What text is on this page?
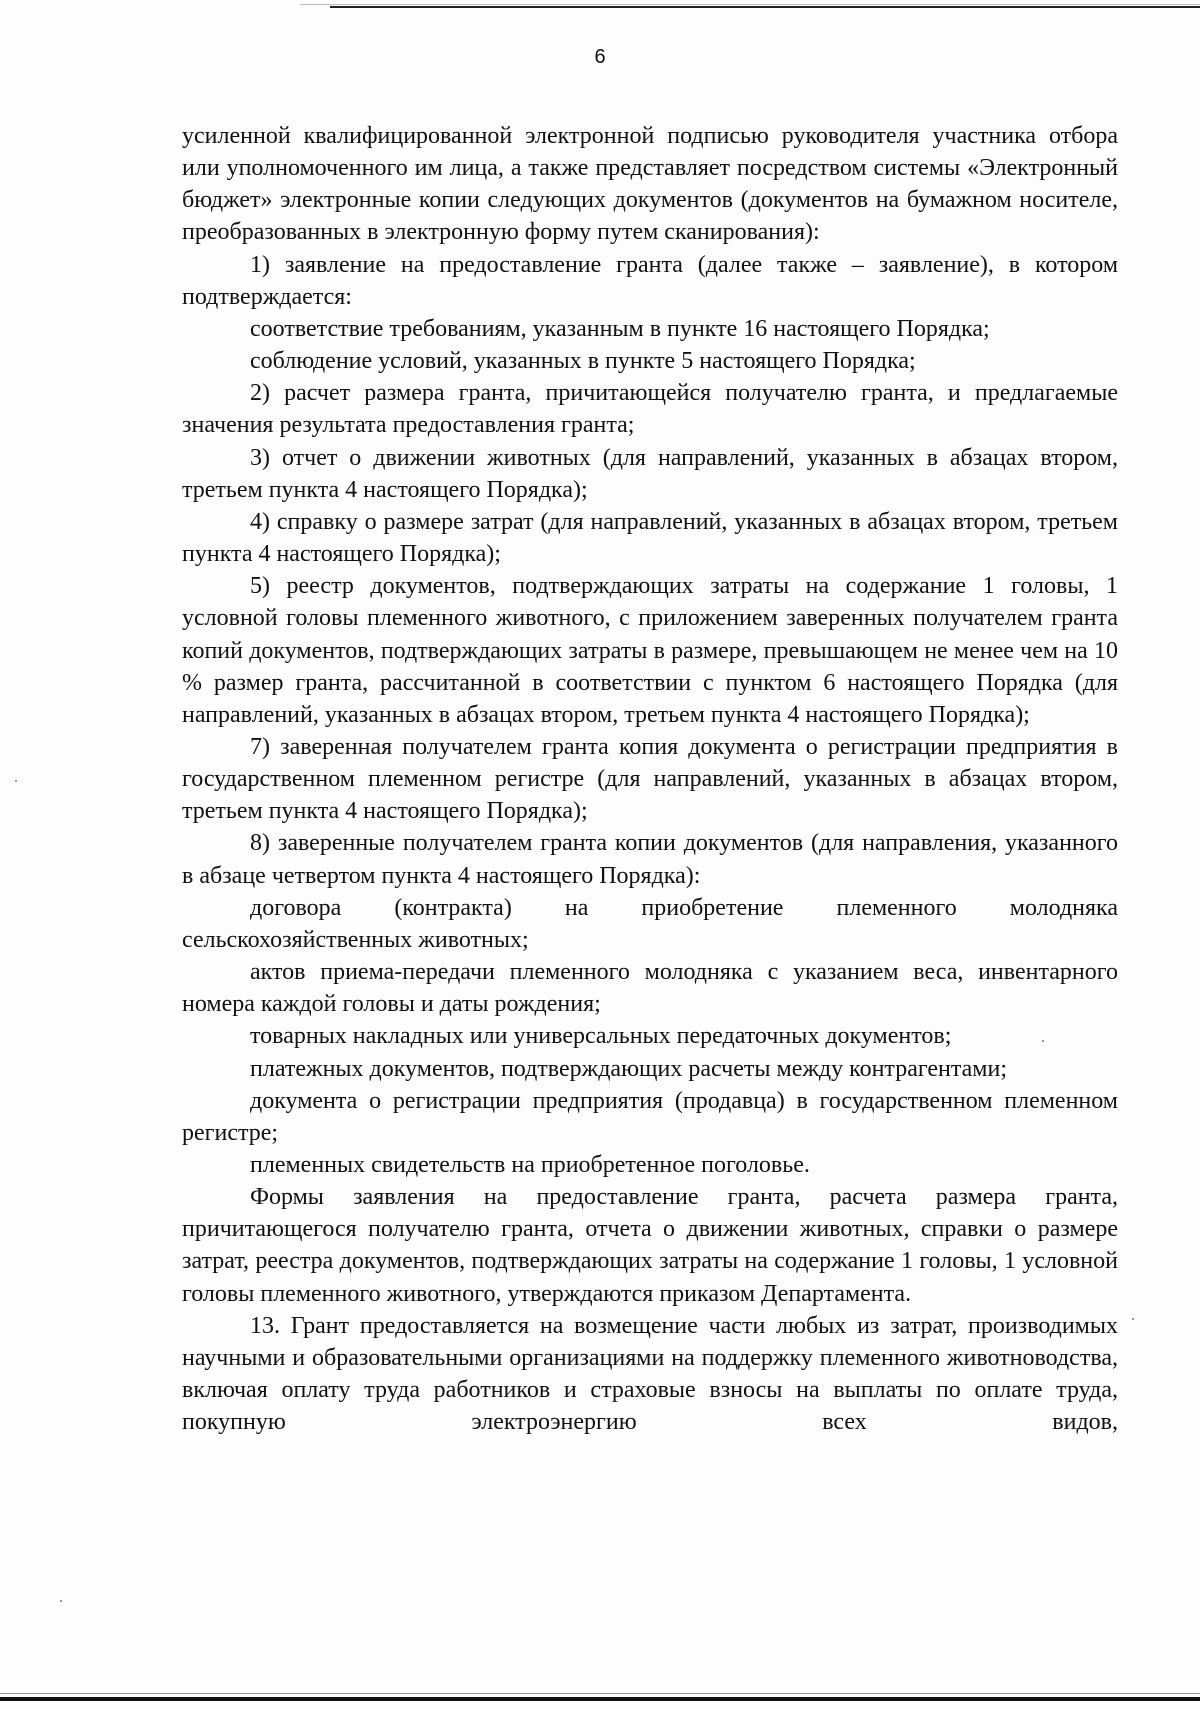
6

усиленной квалифицированной электронной подписью руководителя участника отбора или уполномоченного им лица, а также представляет посредством системы «Электронный бюджет» электронные копии следующих документов (документов на бумажном носителе, преобразованных в электронную форму путем сканирования):

1) заявление на предоставление гранта (далее также – заявление), в котором подтверждается:

соответствие требованиям, указанным в пункте 16 настоящего Порядка;

соблюдение условий, указанных в пункте 5 настоящего Порядка;

2) расчет размера гранта, причитающейся получателю гранта, и предлагаемые значения результата предоставления гранта;

3) отчет о движении животных (для направлений, указанных в абзацах втором, третьем пункта 4 настоящего Порядка);

4) справку о размере затрат (для направлений, указанных в абзацах втором, третьем пункта 4 настоящего Порядка);

5) реестр документов, подтверждающих затраты на содержание 1 головы, 1 условной головы племенного животного, с приложением заверенных получателем гранта копий документов, подтверждающих затраты в размере, превышающем не менее чем на 10 % размер гранта, рассчитанной в соответствии с пунктом 6 настоящего Порядка (для направлений, указанных в абзацах втором, третьем пункта 4 настоящего Порядка);

7) заверенная получателем гранта копия документа о регистрации предприятия в государственном племенном регистре (для направлений, указанных в абзацах втором, третьем пункта 4 настоящего Порядка);

8) заверенные получателем гранта копии документов (для направления, указанного в абзаце четвертом пункта 4 настоящего Порядка):

договора (контракта) на приобретение племенного молодняка сельскохозяйственных животных;

актов приема-передачи племенного молодняка с указанием веса, инвентарного номера каждой головы и даты рождения;

товарных накладных или универсальных передаточных документов;

платежных документов, подтверждающих расчеты между контрагентами;

документа о регистрации предприятия (продавца) в государственном племенном регистре;

племенных свидетельств на приобретенное поголовье.

Формы заявления на предоставление гранта, расчета размера гранта, причитающегося получателю гранта, отчета о движении животных, справки о размере затрат, реестра документов, подтверждающих затраты на содержание 1 головы, 1 условной головы племенного животного, утверждаются приказом Департамента.

13. Грант предоставляется на возмещение части любых из затрат, производимых научными и образовательными организациями на поддержку племенного животноводства, включая оплату труда работников и страховые взносы на выплаты по оплате труда, покупную электроэнергию всех видов,
